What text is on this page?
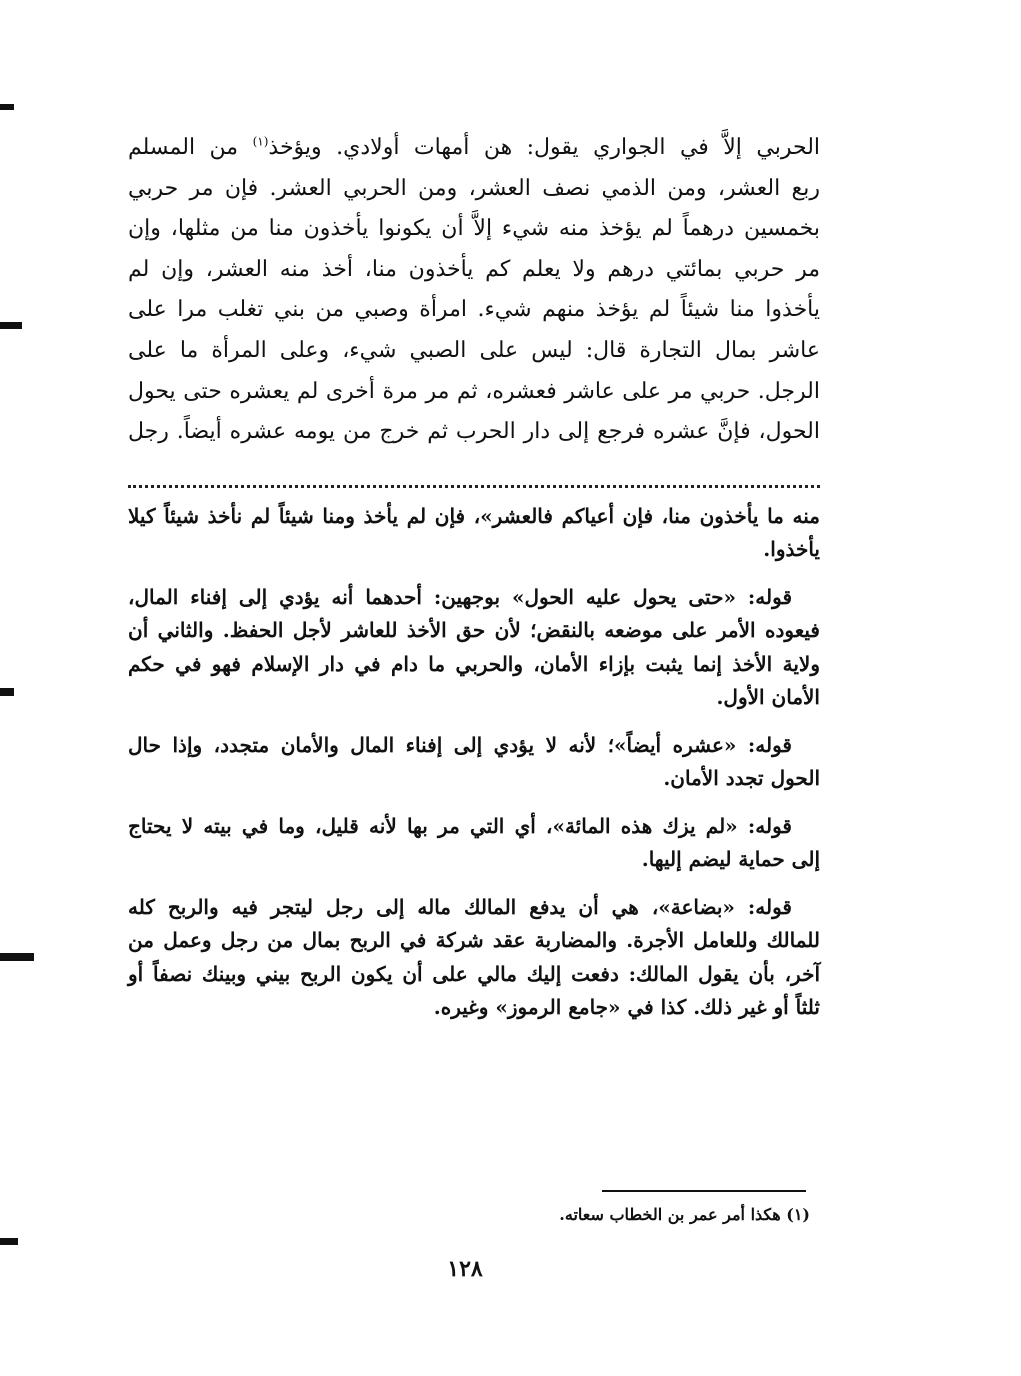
الحربي إلاَّ في الجواري يقول: هن أمهات أولادي. ويؤخذ$^{(١)}$ من المسلم
ربع العشر، ومن الذمي نصف العشر، ومن الحربي العشر. فإن مر حربي
بخمسين درهماً لم يؤخذ منه شيء إلاَّ أن يكونوا يأخذون منا من مثلها، وإن
مر حربي بمائتي درهم ولا يعلم كم يأخذون منا، أخذ منه العشر، وإن لم
يأخذوا منا شيئاً لم يؤخذ منهم شيء. امرأة وصبي من بني تغلب مرا على
عاشر بمال التجارة قال: ليس على الصبي شيء، وعلى المرأة ما على
الرجل. حربي مر على عاشر فعشره، ثم مر مرة أخرى لم يعشره حتى يحول
الحول، فإنَّ عشره فرجع إلى دار الحرب ثم خرج من يومه عشره أيضاً. رجل
منه ما يأخذون منا، فإن أعياكم فالعشر»، فإن لم يأخذ ومنا شيئاً لم نأخذ شيئاً كيلا
يأخذوا.
قوله: «حتى يحول عليه الحول» بوجهين: أحدهما أنه يؤدي إلى إفناء المال،
فيعوده الأمر على موضعه بالنقض؛ لأن حق الأخذ للعاشر لأجل الحفظ. والثاني أن
ولاية الأخذ إنما يثبت بإزاء الأمان، والحربي ما دام في دار الإسلام فهو في حكم
الأمان الأول.
قوله: «عشره أيضاً»؛ لأنه لا يؤدي إلى إفناء المال والأمان متجدد، وإذا حال
الحول تجدد الأمان.
قوله: «لم يزك هذه المائة»، أي التي مر بها لأنه قليل، وما في بيته لا يحتاج
إلى حماية ليضم إليها.
قوله: «بضاعة»، هي أن يدفع المالك ماله إلى رجل ليتجر فيه والربح كله
للمالك وللعامل الأجرة. والمضاربة عقد شركة في الربح بمال من رجل وعمل من
آخر، بأن يقول المالك: دفعت إليك مالي على أن يكون الربح بيني وبينك نصفاً أو
ثلثاً أو غير ذلك. كذا في «جامع الرموز» وغيره.
(١) هكذا أمر عمر بن الخطاب سعاته.
١٢٨
